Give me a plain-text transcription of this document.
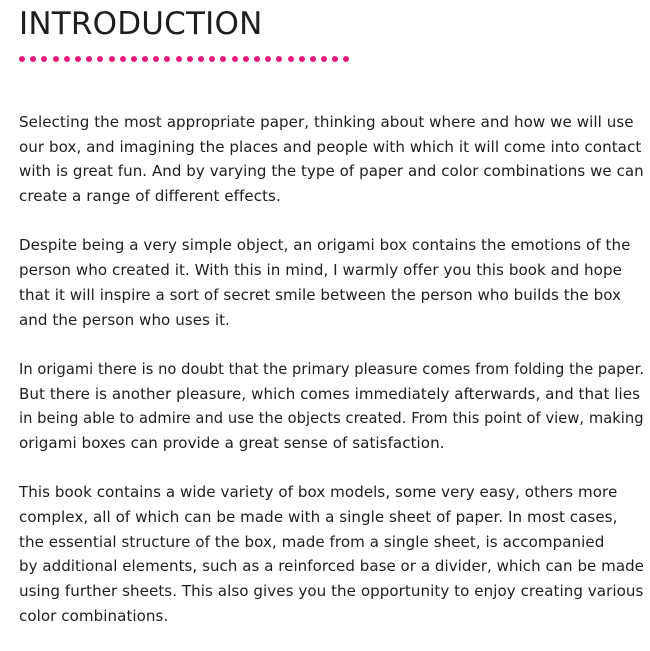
INTRODUCTION

Selecting the most appropriate paper, thinking about where and how we will use
our box, and imagining the places and people with which it will come into contact
with is great fun. And by varying the type of paper and color combinations we can
create a range of different effects.

Despite being a very simple object, an origami box contains the emotions of the
person who created it. With this in mind, I warmly offer you this book and hope
that it will inspire a sort of secret smile between the person who builds the box
and the person who uses it.

In origami there is no doubt that the primary pleasure comes from folding the paper.
But there is another pleasure, which comes immediately afterwards, and that lies
in being able to admire and use the objects created. From this point of view, making
origami boxes can provide a great sense of satisfaction.

This book contains a wide variety of box models, some very easy, others more
complex, all of which can be made with a single sheet of paper. In most cases,
the essential structure of the box, made from a single sheet, is accompanied
by additional elements, such as a reinforced base or a divider, which can be made
using further sheets. This also gives you the opportunity to enjoy creating various
color combinations.
